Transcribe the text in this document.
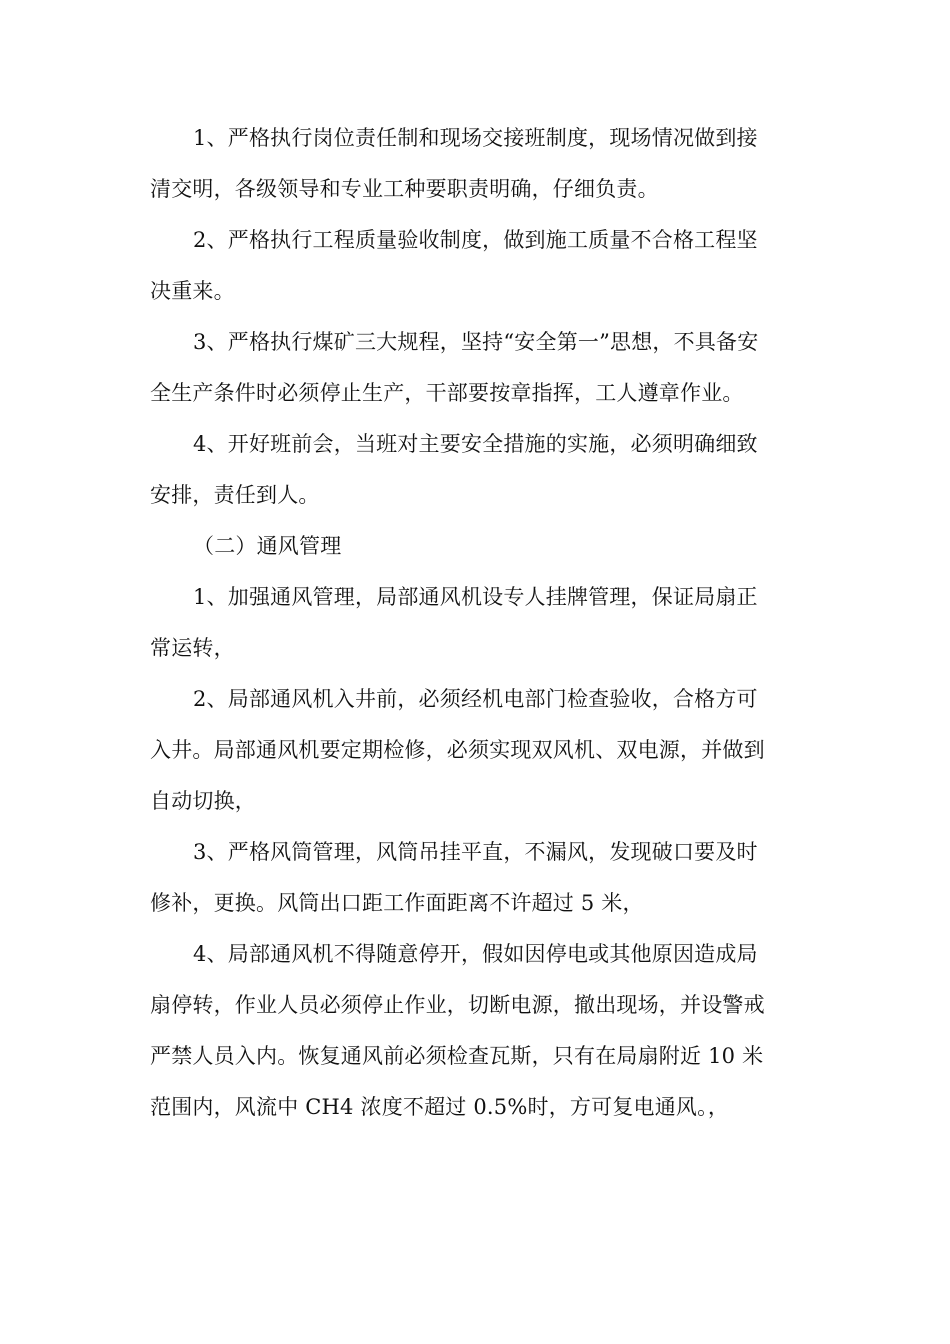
1、严格执行岗位责任制和现场交接班制度，现场情况做到接
清交明，各级领导和专业工种要职责明确，仔细负责。
2、严格执行工程质量验收制度，做到施工质量不合格工程坚
决重来。
3、严格执行煤矿三大规程，坚持“安全第一”思想，不具备安
全生产条件时必须停止生产，干部要按章指挥，工人遵章作业。
4、开好班前会，当班对主要安全措施的实施，必须明确细致
安排，责任到人。
（二）通风管理
1、加强通风管理，局部通风机设专人挂牌管理，保证局扇正
常运转，
2、局部通风机入井前，必须经机电部门检查验收，合格方可
入井。局部通风机要定期检修，必须实现双风机、双电源，并做到
自动切换，
3、严格风筒管理，风筒吊挂平直，不漏风，发现破口要及时
修补，更换。风筒出口距工作面距离不许超过 5 米，
4、局部通风机不得随意停开，假如因停电或其他原因造成局
扇停转，作业人员必须停止作业，切断电源，撤出现场，并设警戒
严禁人员入内。恢复通风前必须检查瓦斯，只有在局扇附近 10 米
范围内，风流中 CH4 浓度不超过 0.5%时，方可复电通风。，
